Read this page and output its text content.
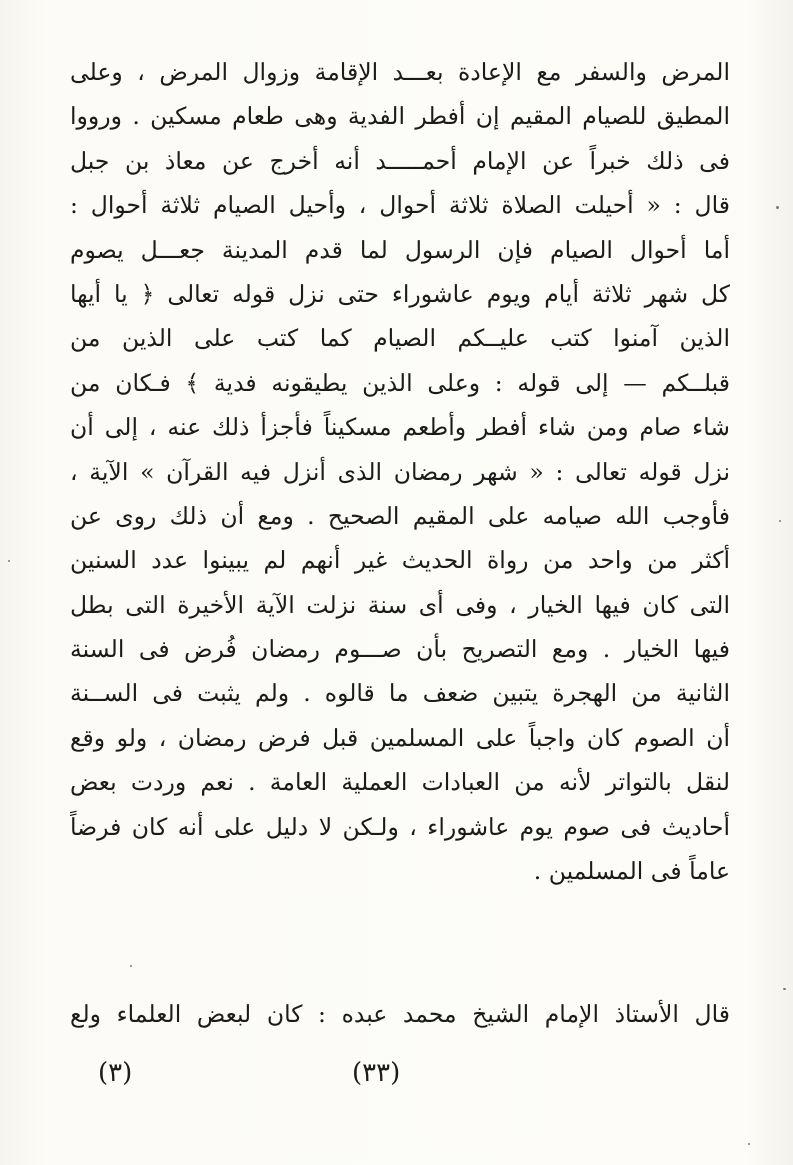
المرض والسفر مع الإعادة بعـــد الإقامة وزوال المرض ، وعلى
المطيق للصيام المقيم إن أفطر الفدية وهى طعام مسكين . ورووا
فى ذلك خبراً عن الإمام أحمـــــد أنه أخرج عن معاذ بن جبل
قال : « أحيلت الصلاة ثلاثة أحوال ، وأحيل الصيام ثلاثة أحوال :
أما أحوال الصيام فإن الرسول لما قدم المدينة جعـــل يصوم
كل شهر ثلاثة أيام ويوم عاشوراء حتى نزل قوله تعالى ﴿ يا أيها
الذين آمنوا كتب عليــكم الصيام كما كتب على الذين من
قبلــكم — إلى قوله : وعلى الذين يطيقونه فدية ﴾ فـكان من
شاء صام ومن شاء أفطر وأطعم مسكيناً فأجزأ ذلك عنه ، إلى أن
نزل قوله تعالى : « شهر رمضان الذى أنزل فيه القرآن » الآية ،
فأوجب الله صيامه على المقيم الصحيح . ومع أن ذلك روى عن
أكثر من واحد من رواة الحديث غير أنهم لم يبينوا عدد السنين
التى كان فيها الخيار ، وفى أى سنة نزلت الآية الأخيرة التى بطل
فيها الخيار . ومع التصريح بأن صـــوم رمضان فُرض فى السنة
الثانية من الهجرة يتبين ضعف ما قالوه . ولم يثبت فى الســنة
أن الصوم كان واجباً على المسلمين قبل فرض رمضان ، ولو وقع
لنقل بالتواتر لأنه من العبادات العملية العامة . نعم وردت بعض
أحاديث فى صوم يوم عاشوراء ، ولـكن لا دليل على أنه كان فرضاً
عاماً فى المسلمين .
قال الأستاذ الإمام الشيخ محمد عبده : كان لبعض العلماء ولع
(٣٣)
(٣)
